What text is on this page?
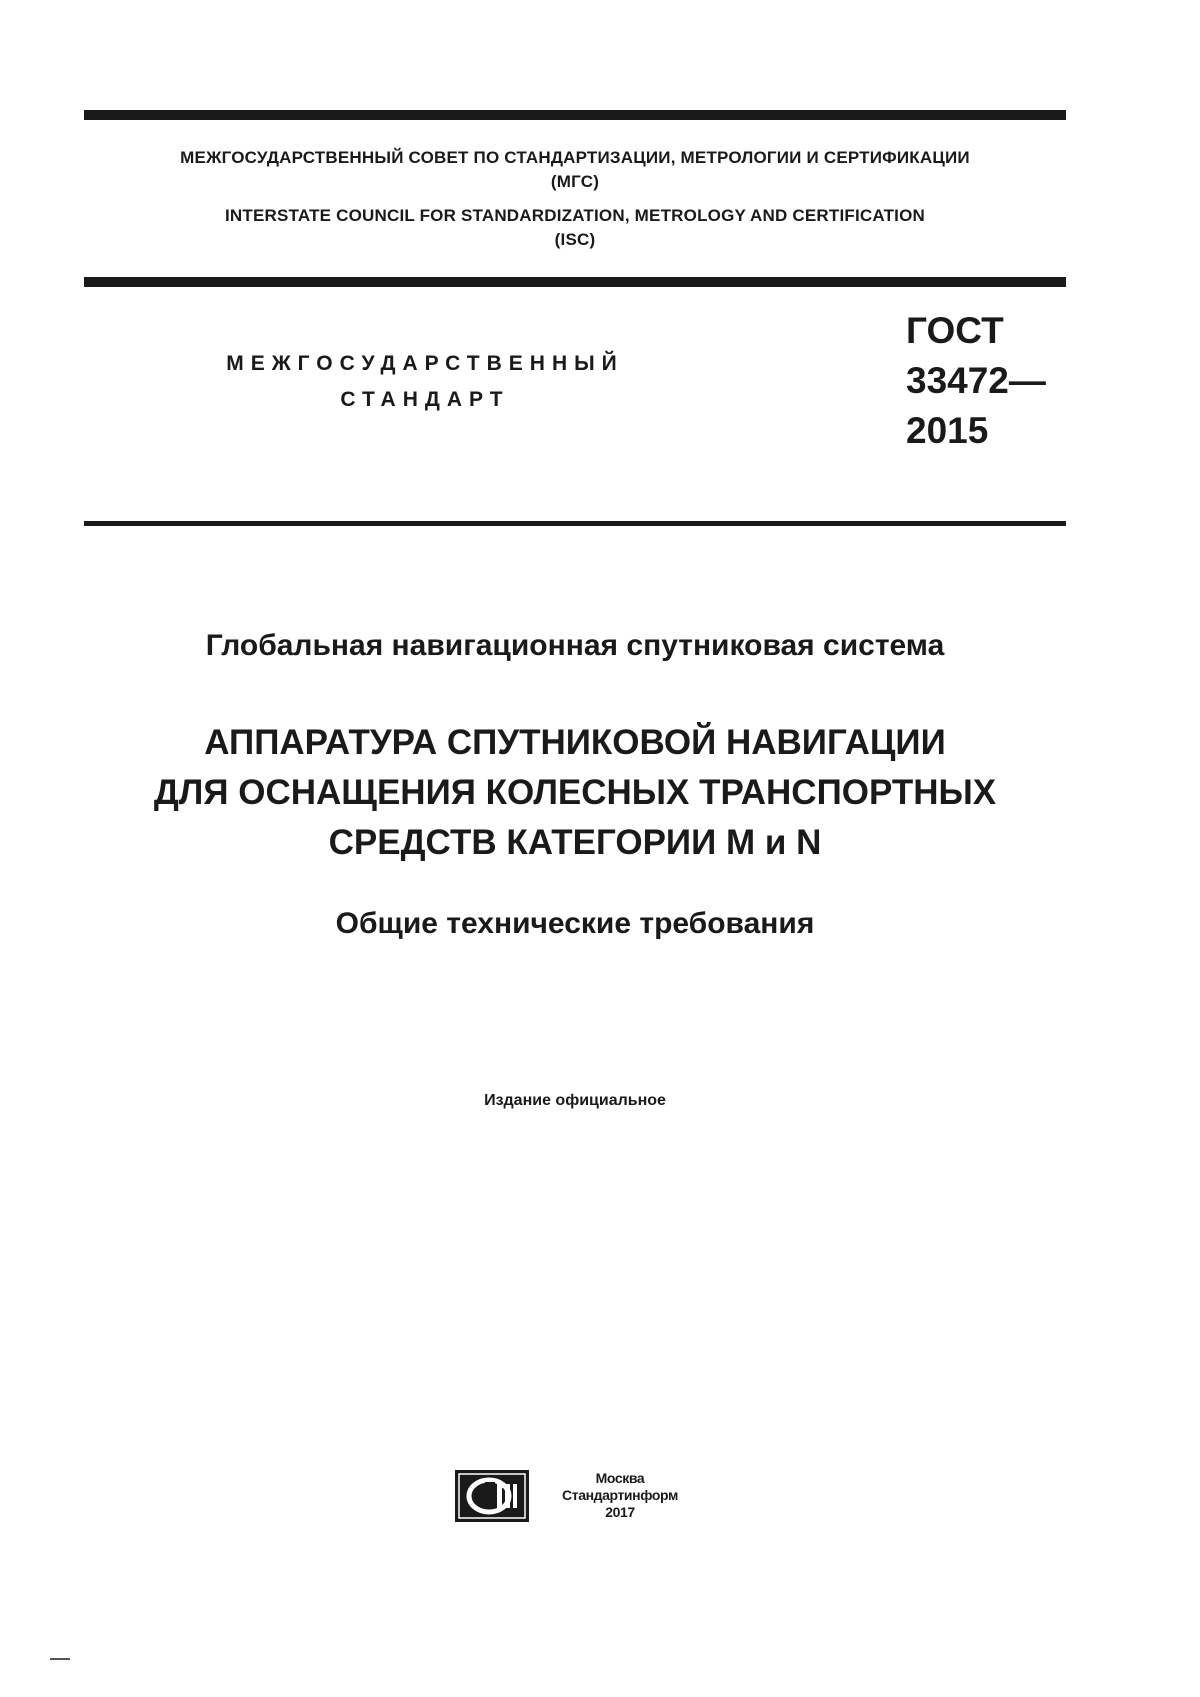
МЕЖГОСУДАРСТВЕННЫЙ СОВЕТ ПО СТАНДАРТИЗАЦИИ, МЕТРОЛОГИИ И СЕРТИФИКАЦИИ
(МГС)
INTERSTATE COUNCIL FOR STANDARDIZATION, METROLOGY AND CERTIFICATION
(ISC)
МЕЖГОСУДАРСТВЕННЫЙ
СТАНДАРТ
ГОСТ
33472—
2015
Глобальная навигационная спутниковая система
АППАРАТУРА СПУТНИКОВОЙ НАВИГАЦИИ
ДЛЯ ОСНАЩЕНИЯ КОЛЕСНЫХ ТРАНСПОРТНЫХ
СРЕДСТВ КАТЕГОРИИ М и N
Общие технические требования
Издание официальное
Москва
Стандартинформ
2017
